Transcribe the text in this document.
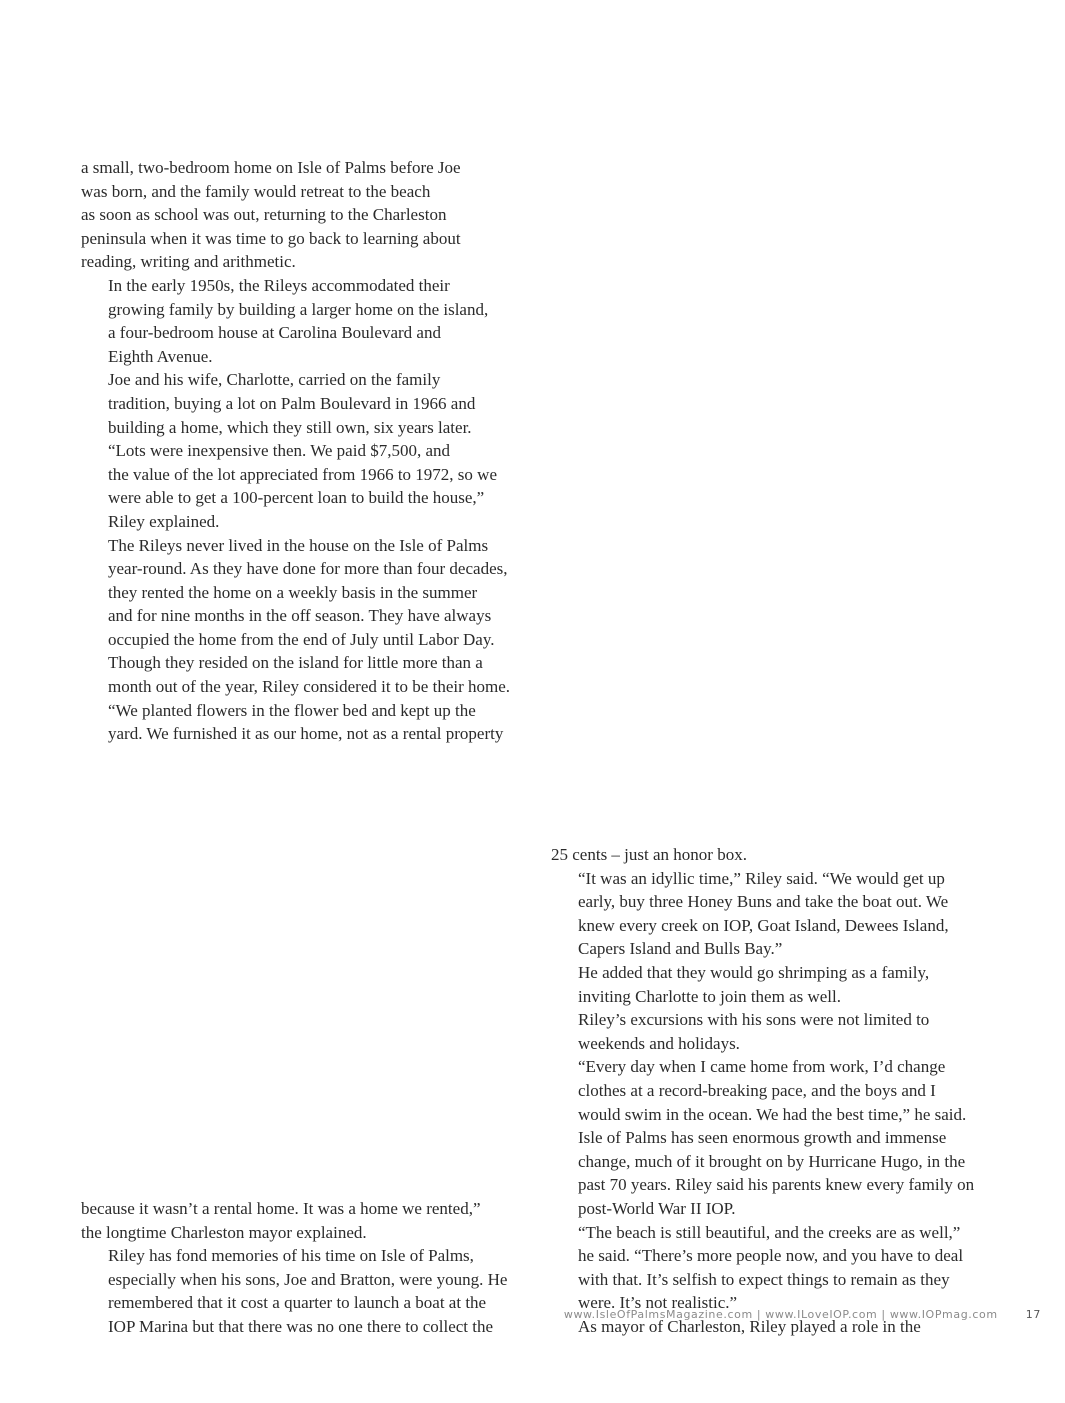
a small, two-bedroom home on Isle of Palms before Joe
was born, and the family would retreat to the beach
as soon as school was out, returning to the Charleston
peninsula when it was time to go back to learning about
reading, writing and arithmetic.

In the early 1950s, the Rileys accommodated their
growing family by building a larger home on the island,
a four-bedroom house at Carolina Boulevard and
Eighth Avenue.

Joe and his wife, Charlotte, carried on the family
tradition, buying a lot on Palm Boulevard in 1966 and
building a home, which they still own, six years later.

“Lots were inexpensive then. We paid $7,500, and
the value of the lot appreciated from 1966 to 1972, so we
were able to get a 100-percent loan to build the house,”
Riley explained.

The Rileys never lived in the house on the Isle of Palms
year-round. As they have done for more than four decades,
they rented the home on a weekly basis in the summer
and for nine months in the off season. They have always
occupied the home from the end of July until Labor Day.

Though they resided on the island for little more than a
month out of the year, Riley considered it to be their home.

“We planted flowers in the flower bed and kept up the
yard. We furnished it as our home, not as a rental property

because it wasn’t a rental home. It was a home we rented,”
the longtime Charleston mayor explained.

Riley has fond memories of his time on Isle of Palms,
especially when his sons, Joe and Bratton, were young. He
remembered that it cost a quarter to launch a boat at the
IOP Marina but that there was no one there to collect the

25 cents – just an honor box.

“It was an idyllic time,” Riley said. “We would get up
early, buy three Honey Buns and take the boat out. We
knew every creek on IOP, Goat Island, Dewees Island,
Capers Island and Bulls Bay.”

He added that they would go shrimping as a family,
inviting Charlotte to join them as well.

Riley’s excursions with his sons were not limited to
weekends and holidays.

“Every day when I came home from work, I’d change
clothes at a record-breaking pace, and the boys and I
would swim in the ocean. We had the best time,” he said.

Isle of Palms has seen enormous growth and immense
change, much of it brought on by Hurricane Hugo, in the
past 70 years. Riley said his parents knew every family on
post-World War II IOP.

“The beach is still beautiful, and the creeks are as well,”
he said. “There’s more people now, and you have to deal
with that. It’s selfish to expect things to remain as they
were. It’s not realistic.”

As mayor of Charleston, Riley played a role in the

www.IsleOfPalmsMagazine.com | www.ILoveIOP.com | www.IOPmag.com	17
